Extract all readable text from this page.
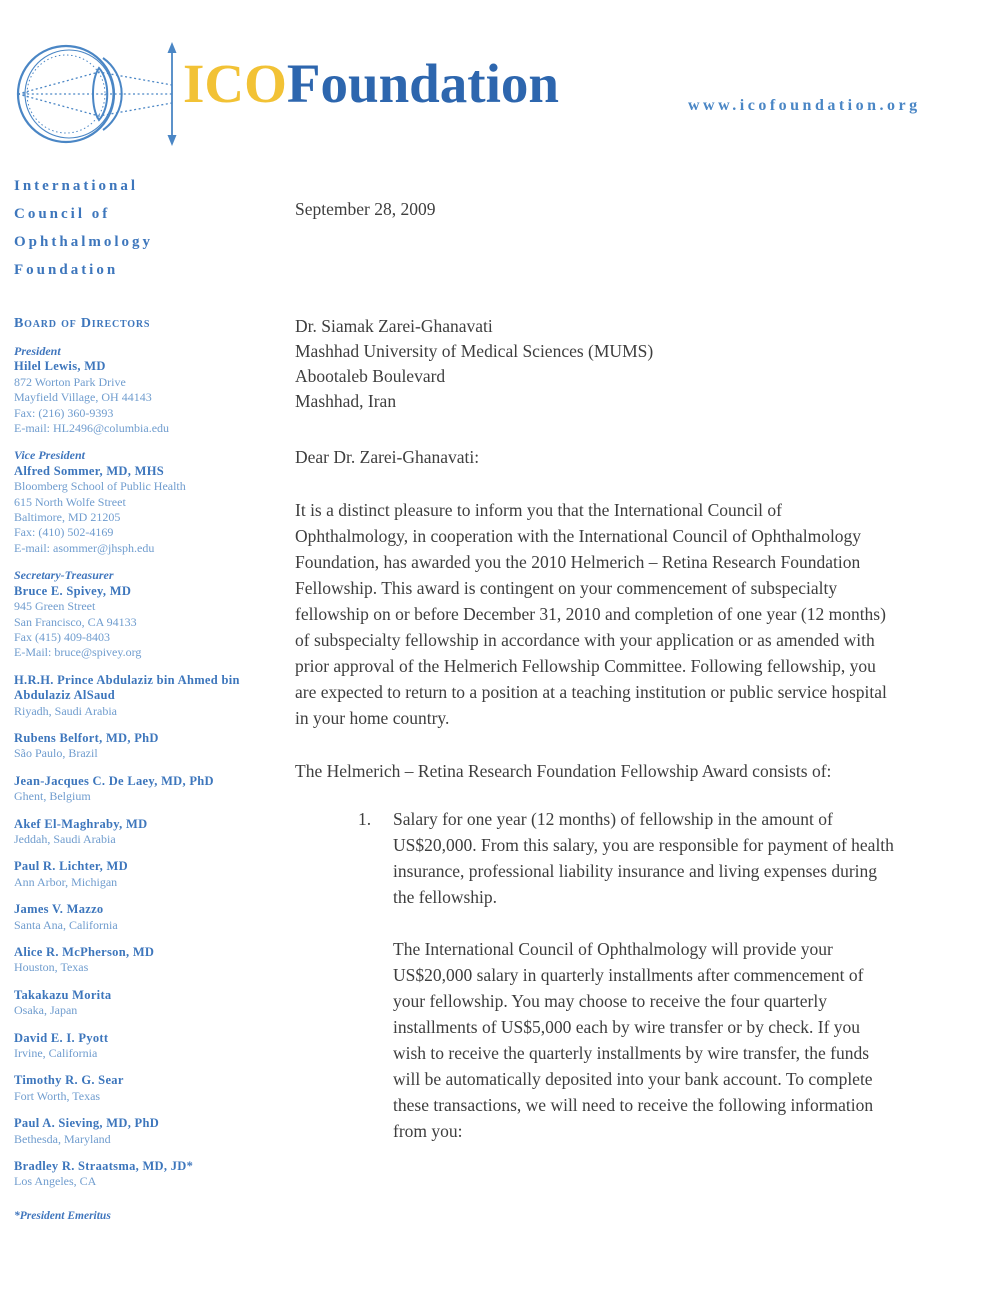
ICOFoundation	www.icofoundation.org
International
Council of
Ophthalmology
Foundation
Board of Directors
President
Hilel Lewis, MD
872 Worton Park Drive
Mayfield Village, OH 44143
Fax: (216) 360-9393
E-mail: HL2496@columbia.edu
Vice President
Alfred Sommer, MD, MHS
Bloomberg School of Public Health
615 North Wolfe Street
Baltimore, MD 21205
Fax: (410) 502-4169
E-mail: asommer@jhsph.edu
Secretary-Treasurer
Bruce E. Spivey, MD
945 Green Street
San Francisco, CA 94133
Fax (415) 409-8403
E-Mail: bruce@spivey.org
H.R.H. Prince Abdulaziz bin Ahmed bin Abdulaziz AlSaud
Riyadh, Saudi Arabia
Rubens Belfort, MD, PhD
São Paulo, Brazil
Jean-Jacques C. De Laey, MD, PhD
Ghent, Belgium
Akef El-Maghraby, MD
Jeddah, Saudi Arabia
Paul R. Lichter, MD
Ann Arbor, Michigan
James V. Mazzo
Santa Ana, California
Alice R. McPherson, MD
Houston, Texas
Takakazu Morita
Osaka, Japan
David E. I. Pyott
Irvine, California
Timothy R. G. Sear
Fort Worth, Texas
Paul A. Sieving, MD, PhD
Bethesda, Maryland
Bradley R. Straatsma, MD, JD*
Los Angeles, CA
*President Emeritus
September 28, 2009
Dr. Siamak Zarei-Ghanavati
Mashhad University of Medical Sciences (MUMS)
Abootaleb Boulevard
Mashhad, Iran
Dear Dr. Zarei-Ghanavati:
It is a distinct pleasure to inform you that the International Council of Ophthalmology, in cooperation with the International Council of Ophthalmology Foundation, has awarded you the 2010 Helmerich – Retina Research Foundation Fellowship. This award is contingent on your commencement of subspecialty fellowship on or before December 31, 2010 and completion of one year (12 months) of subspecialty fellowship in accordance with your application or as amended with prior approval of the Helmerich Fellowship Committee. Following fellowship, you are expected to return to a position at a teaching institution or public service hospital in your home country.
The Helmerich – Retina Research Foundation Fellowship Award consists of:
1.	Salary for one year (12 months) of fellowship in the amount of US$20,000. From this salary, you are responsible for payment of health insurance, professional liability insurance and living expenses during the fellowship.
The International Council of Ophthalmology will provide your US$20,000 salary in quarterly installments after commencement of your fellowship. You may choose to receive the four quarterly installments of US$5,000 each by wire transfer or by check. If you wish to receive the quarterly installments by wire transfer, the funds will be automatically deposited into your bank account. To complete these transactions, we will need to receive the following information from you:
